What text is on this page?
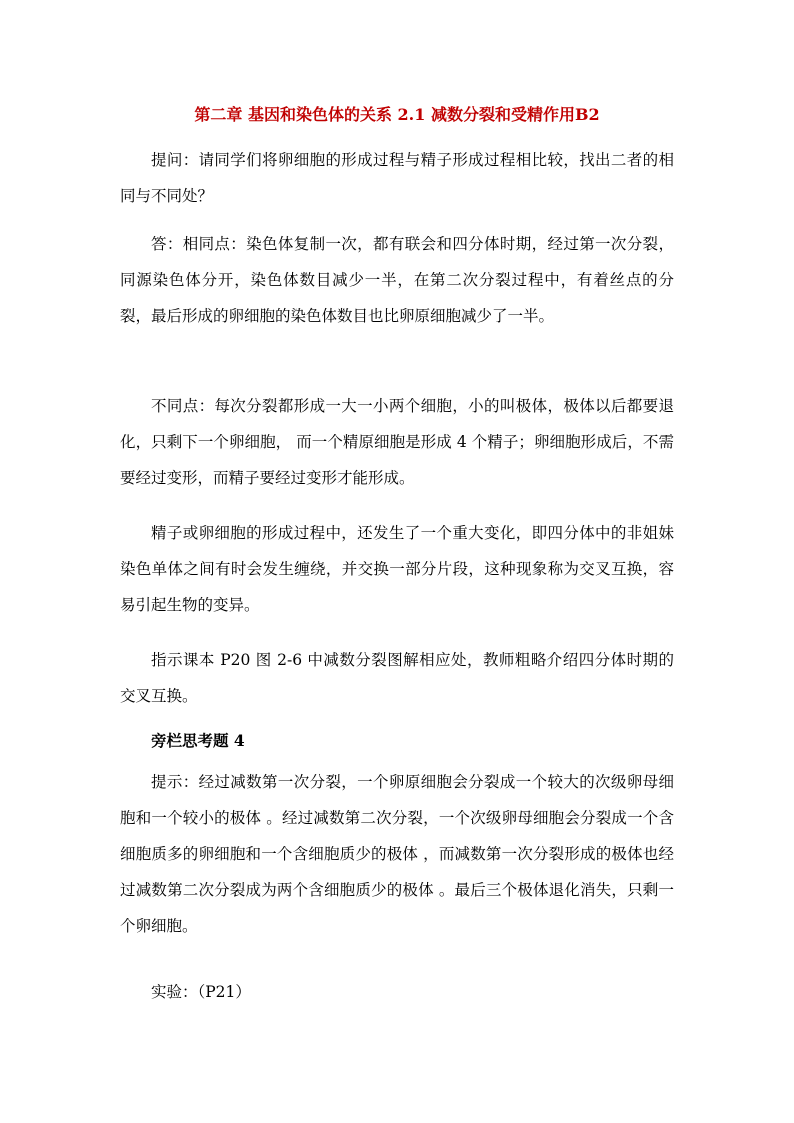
第二章 基因和染色体的关系 2.1 减数分裂和受精作用B2

提问：请同学们将卵细胞的形成过程与精子形成过程相比较，找出二者的相同与不同处？

答：相同点：染色体复制一次，都有联会和四分体时期，经过第一次分裂，同源染色体分开，染色体数目减少一半，在第二次分裂过程中，有着丝点的分裂，最后形成的卵细胞的染色体数目也比卵原细胞减少了一半。

不同点：每次分裂都形成一大一小两个细胞，小的叫极体，极体以后都要退化，只剩下一个卵细胞， 而一个精原细胞是形成 4 个精子；卵细胞形成后，不需要经过变形，而精子要经过变形才能形成。

精子或卵细胞的形成过程中，还发生了一个重大变化，即四分体中的非姐妹染色单体之间有时会发生缠绕，并交换一部分片段，这种现象称为交叉互换，容易引起生物的变异。

指示课本 P20 图 2-6 中减数分裂图解相应处，教师粗略介绍四分体时期的交叉互换。

旁栏思考题 4

提示：经过减数第一次分裂，一个卵原细胞会分裂成一个较大的次级卵母细胞和一个较小的极体 。经过减数第二次分裂，一个次级卵母细胞会分裂成一个含细胞质多的卵细胞和一个含细胞质少的极体 ，而减数第一次分裂形成的极体也经过减数第二次分裂成为两个含细胞质少的极体 。最后三个极体退化消失，只剩一个卵细胞。

实验：（P21）
